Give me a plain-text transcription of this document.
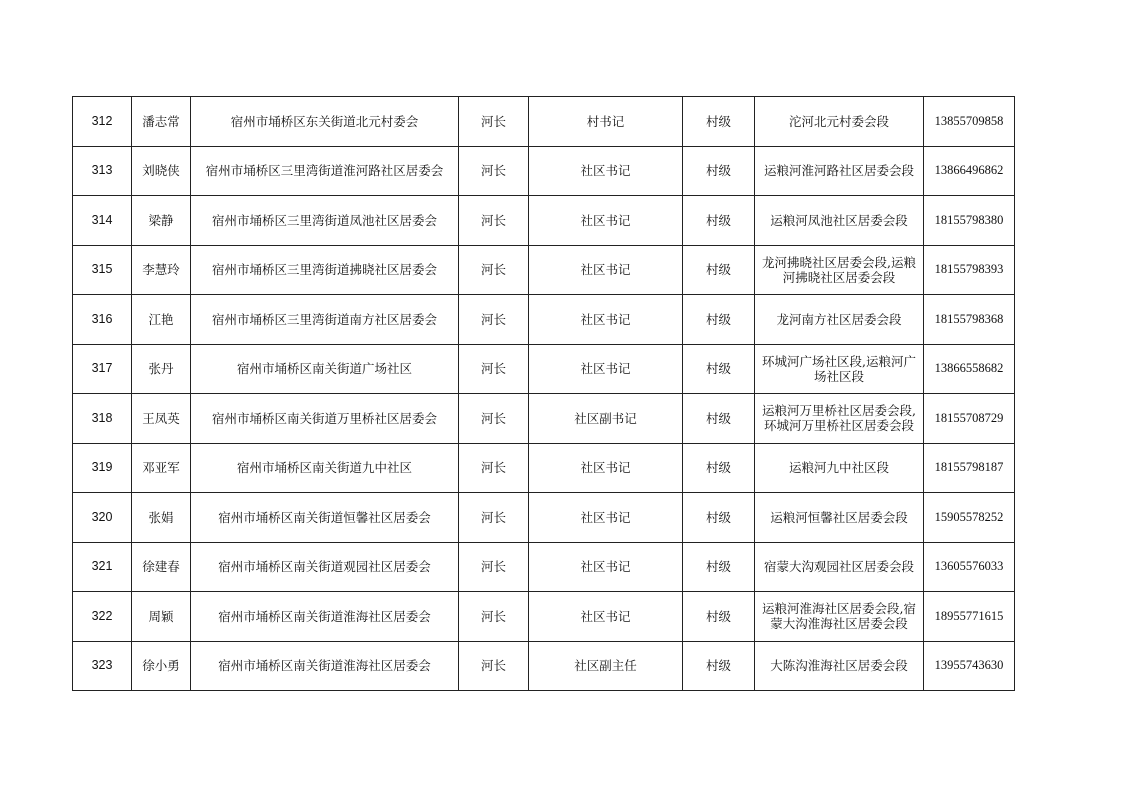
312	潘志常	宿州市埇桥区东关街道北元村委会	河长	村书记	村级	沱河北元村委会段	13855709858
313	刘晓侠	宿州市埇桥区三里湾街道淮河路社区居委会	河长	社区书记	村级	运粮河淮河路社区居委会段	13866496862
314	梁静	宿州市埇桥区三里湾街道凤池社区居委会	河长	社区书记	村级	运粮河凤池社区居委会段	18155798380
315	李慧玲	宿州市埇桥区三里湾街道拂晓社区居委会	河长	社区书记	村级	龙河拂晓社区居委会段,运粮河拂晓社区居委会段	18155798393
316	江艳	宿州市埇桥区三里湾街道南方社区居委会	河长	社区书记	村级	龙河南方社区居委会段	18155798368
317	张丹	宿州市埇桥区南关街道广场社区	河长	社区书记	村级	环城河广场社区段,运粮河广场社区段	13866558682
318	王凤英	宿州市埇桥区南关街道万里桥社区居委会	河长	社区副书记	村级	运粮河万里桥社区居委会段,环城河万里桥社区居委会段	18155708729
319	邓亚军	宿州市埇桥区南关街道九中社区	河长	社区书记	村级	运粮河九中社区段	18155798187
320	张娟	宿州市埇桥区南关街道恒馨社区居委会	河长	社区书记	村级	运粮河恒馨社区居委会段	15905578252
321	徐建春	宿州市埇桥区南关街道观园社区居委会	河长	社区书记	村级	宿蒙大沟观园社区居委会段	13605576033
322	周颖	宿州市埇桥区南关街道淮海社区居委会	河长	社区书记	村级	运粮河淮海社区居委会段,宿蒙大沟淮海社区居委会段	18955771615
323	徐小勇	宿州市埇桥区南关街道淮海社区居委会	河长	社区副主任	村级	大陈沟淮海社区居委会段	13955743630
